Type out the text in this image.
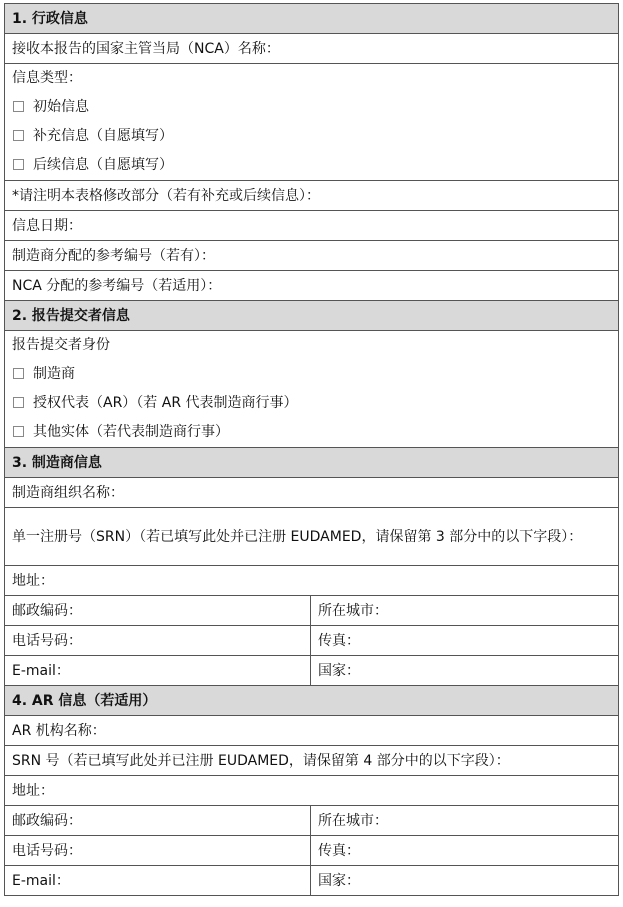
1. 行政信息	
接收本报告的国家主管当局（NCA）名称：	

信息类型：
初始信息
补充信息（自愿填写）
后续信息（自愿填写）	

*请注明本表格修改部分（若有补充或后续信息）：	
信息日期：	
制造商分配的参考编号（若有）：	
NCA 分配的参考编号（若适用）：	
2. 报告提交者信息	

报告提交者身份
制造商
授权代表（AR）（若 AR 代表制造商行事）
其他实体（若代表制造商行事）	

3. 制造商信息	
制造商组织名称：	
单一注册号（SRN）（若已填写此处并已注册 EUDAMED，请保留第 3 部分中的以下字段）：	
地址：	
邮政编码：	所在城市：
电话号码：	传真：
E-mail：	国家：
4. AR 信息（若适用）	
AR 机构名称：	
SRN 号（若已填写此处并已注册 EUDAMED，请保留第 4 部分中的以下字段）：	
地址：	
邮政编码：	所在城市：
电话号码：	传真：
E-mail：	国家：
